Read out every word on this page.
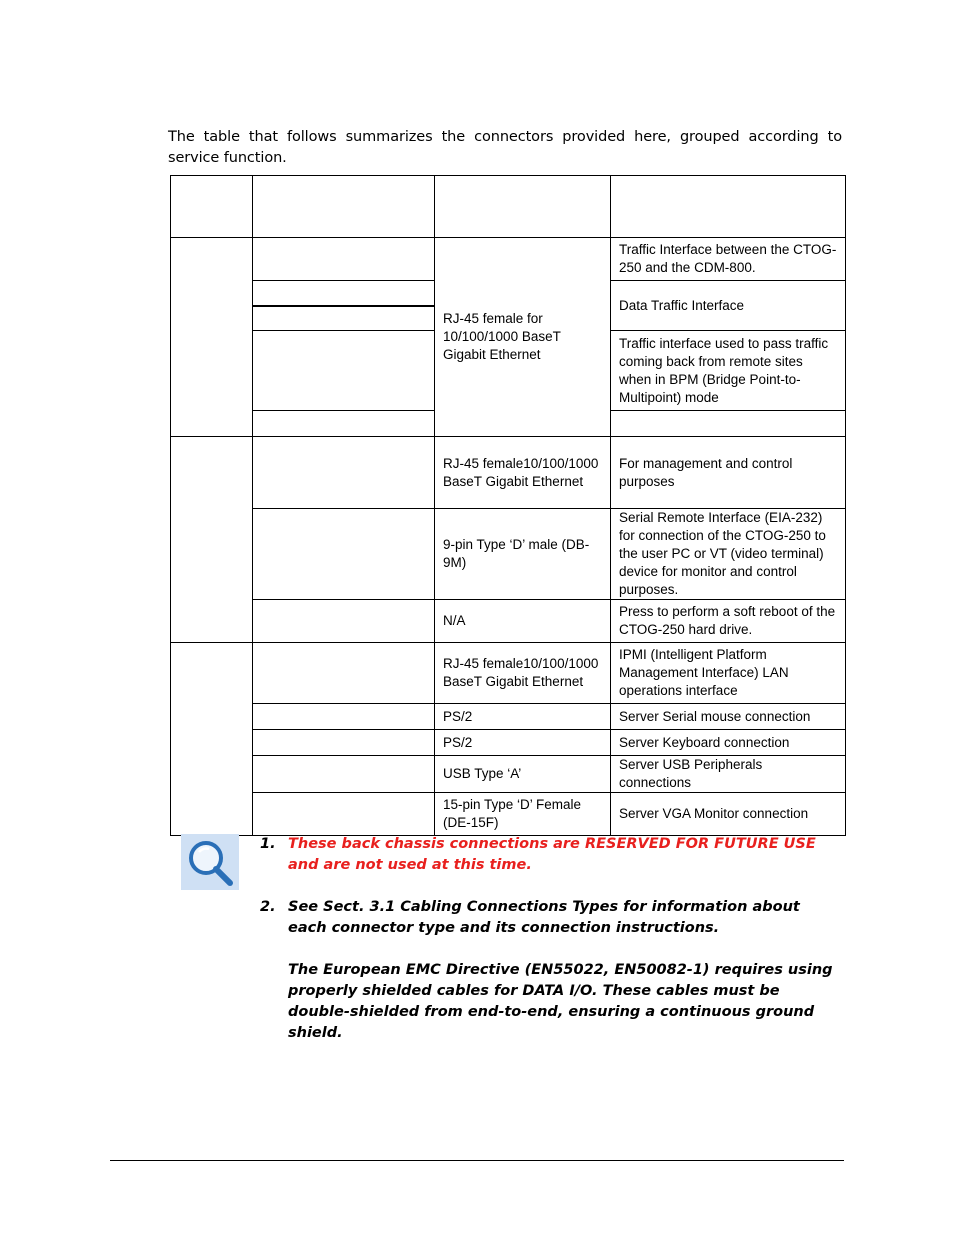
The table that follows summarizes the connectors provided here, grouped according to service function.

		RJ-45 female for 10/100/1000 BaseT Gigabit Ethernet	Traffic Interface between the CTOG-250 and the CDM-800.
			Data Traffic Interface

			Traffic interface used to pass traffic coming back from remote sites when in BPM (Bridge Point-to-Multipoint) mode

		RJ-45 female10/100/1000 BaseT Gigabit Ethernet	For management and control purposes
		9-pin Type ‘D’ male (DB-9M)	Serial Remote Interface (EIA-232) for connection of the CTOG-250 to the user PC or VT (video terminal) device for monitor and control purposes.
		N/A	Press to perform a soft reboot of the CTOG-250 hard drive.
		RJ-45 female10/100/1000 BaseT Gigabit Ethernet	IPMI (Intelligent Platform Management Interface) LAN operations interface
		PS/2	Server Serial mouse connection
		PS/2	Server Keyboard connection
		USB Type ‘A’	Server USB Peripherals connections
		15-pin Type ‘D’ Female (DE-15F)	Server VGA Monitor connection
1. These back chassis connections are RESERVED FOR FUTURE USE and are not used at this time.
2. See Sect. 3.1 Cabling Connections Types for information about each connector type and its connection instructions.
The European EMC Directive (EN55022, EN50082-1) requires using properly shielded cables for DATA I/O. These cables must be double-shielded from end-to-end, ensuring a continuous ground shield.
